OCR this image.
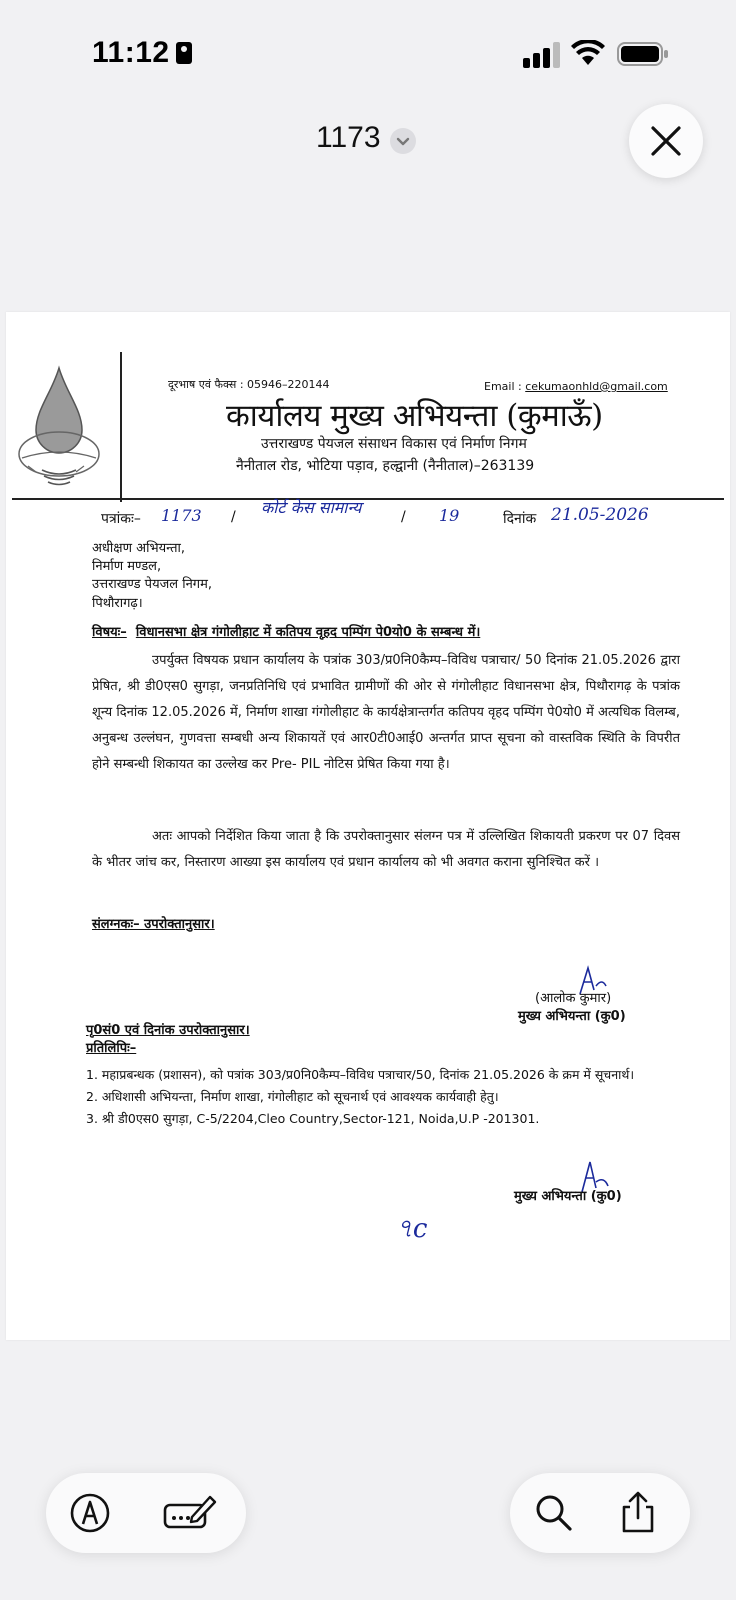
11:12
1173
दूरभाष एवं फैक्स : 05946–220144	Email : cekumaonhld@gmail.com
कार्यालय मुख्य अभियन्ता (कुमाऊँ)
उत्तराखण्ड पेयजल संसाधन विकास एवं निर्माण निगम
नैनीताल रोड, भोटिया पड़ाव, हल्द्वानी (नैनीताल)–263139
पत्रांकः– 1173 / कोर्ट केस सामान्य	/ 19	दिनांक 21.05-2026
अधीक्षण अभियन्ता,
निर्माण मण्डल,
उत्तराखण्ड पेयजल निगम,
पिथौरागढ़।
विषयः– विधानसभा क्षेत्र गंगोलीहाट में कतिपय वृहद पम्पिंग पे0यो0 के सम्बन्ध में।

उपर्युक्त विषयक प्रधान कार्यालय के पत्रांक 303/प्र0नि0कैम्प–विविध पत्राचार/ 50 दिनांक 21.05.2026 द्वारा प्रेषित, श्री डी0एस0 सुगड़ा, जनप्रतिनिधि एवं प्रभावित ग्रामीणों की ओर से गंगोलीहाट विधानसभा क्षेत्र, पिथौरागढ़ के पत्रांक शून्य दिनांक 12.05.2026 में, निर्माण शाखा गंगोलीहाट के कार्यक्षेत्रान्तर्गत कतिपय वृहद पम्पिंग पे0यो0 में अत्यधिक विलम्ब, अनुबन्ध उल्लंघन, गुणवत्ता सम्बधी अन्य शिकायतें एवं आर0टी0आई0 अन्तर्गत प्राप्त सूचना को वास्तविक स्थिति के विपरीत होने सम्बन्धी शिकायत का उल्लेख कर Pre- PIL नोटिस प्रेषित किया गया है।

अतः आपको निर्देशित किया जाता है कि उपरोक्तानुसार संलग्न पत्र में उल्लिखित शिकायती प्रकरण पर 07 दिवस के भीतर जांच कर, निस्तारण आख्या इस कार्यालय एवं प्रधान कार्यालय को भी अवगत कराना सुनिश्चित करें ।

संलग्नकः– उपरोक्तानुसार।
(आलोक कुमार)
मुख्य अभियन्ता (कु0)
पृ0सं0 एवं दिनांक उपरोक्तानुसार।
प्रतिलिपिः–
1. महाप्रबन्धक (प्रशासन), को पत्रांक 303/प्र0नि0कैम्प–विविध पत्राचार/50, दिनांक 21.05.2026 के क्रम में सूचनार्थ।
2. अधिशासी अभियन्ता, निर्माण शाखा, गंगोलीहाट को सूचनार्थ एवं आवश्यक कार्यवाही हेतु।
3. श्री डी0एस0 सुगड़ा, C-5/2204,Cleo Country,Sector-121, Noida,U.P -201301.
मुख्य अभियन्ता (कु0)
৭c
